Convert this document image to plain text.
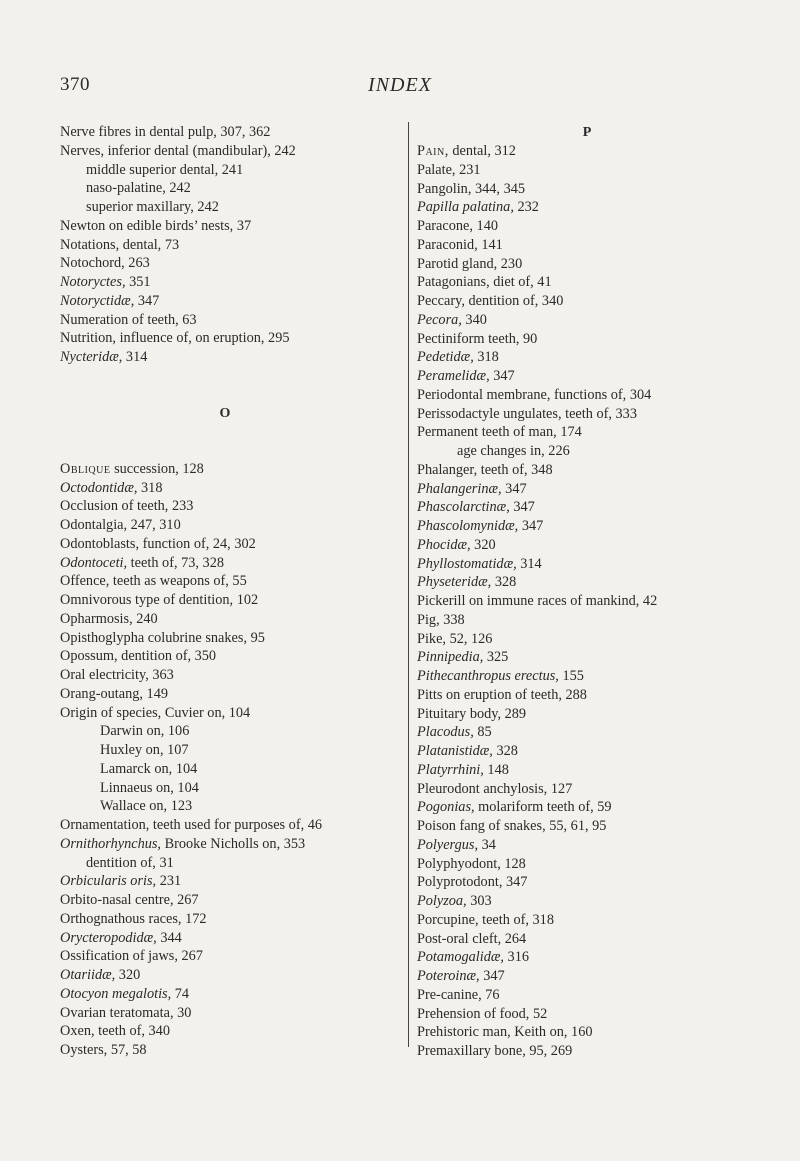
370	INDEX
Nerve fibres in dental pulp, 307, 362
Nerves, inferior dental (mandibular), 242
middle superior dental, 241
naso-palatine, 242
superior maxillary, 242
Newton on edible birds’ nests, 37
Notations, dental, 73
Notochord, 263
Notoryctes, 351
Notoryctidæ, 347
Numeration of teeth, 63
Nutrition, influence of, on eruption, 295
Nycteridæ, 314
O
Oblique succession, 128
Octodontidæ, 318
Occlusion of teeth, 233
Odontalgia, 247, 310
Odontoblasts, function of, 24, 302
Odontoceti, teeth of, 73, 328
Offence, teeth as weapons of, 55
Omnivorous type of dentition, 102
Opharmosis, 240
Opisthoglypha colubrine snakes, 95
Opossum, dentition of, 350
Oral electricity, 363
Orang-outang, 149
Origin of species, Cuvier on, 104
Darwin on, 106
Huxley on, 107
Lamarck on, 104
Linnaeus on, 104
Wallace on, 123
Ornamentation, teeth used for purposes of, 46
Ornithorhynchus, Brooke Nicholls on, 353
dentition of, 31
Orbicularis oris, 231
Orbito-nasal centre, 267
Orthognathous races, 172
Orycteropodidæ, 344
Ossification of jaws, 267
Otariidæ, 320
Otocyon megalotis, 74
Ovarian teratomata, 30
Oxen, teeth of, 340
Oysters, 57, 58
P
Pain, dental, 312
Palate, 231
Pangolin, 344, 345
Papilla palatina, 232
Paracone, 140
Paraconid, 141
Parotid gland, 230
Patagonians, diet of, 41
Peccary, dentition of, 340
Pecora, 340
Pectiniform teeth, 90
Pedetidæ, 318
Peramelidæ, 347
Periodontal membrane, functions of, 304
Perissodactyle ungulates, teeth of, 333
Permanent teeth of man, 174
age changes in, 226
Phalanger, teeth of, 348
Phalangerinæ, 347
Phascolarctinæ, 347
Phascolomynidæ, 347
Phocidæ, 320
Phyllostomatidæ, 314
Physeteridæ, 328
Pickerill on immune races of mankind, 42
Pig, 338
Pike, 52, 126
Pinnipedia, 325
Pithecanthropus erectus, 155
Pitts on eruption of teeth, 288
Pituitary body, 289
Placodus, 85
Platanistidæ, 328
Platyrrhini, 148
Pleurodont anchylosis, 127
Pogonias, molariform teeth of, 59
Poison fang of snakes, 55, 61, 95
Polyergus, 34
Polyphyodont, 128
Polyprotodont, 347
Polyzoa, 303
Porcupine, teeth of, 318
Post-oral cleft, 264
Potamogalidæ, 316
Poteroinæ, 347
Pre-canine, 76
Prehension of food, 52
Prehistoric man, Keith on, 160
Premaxillary bone, 95, 269
